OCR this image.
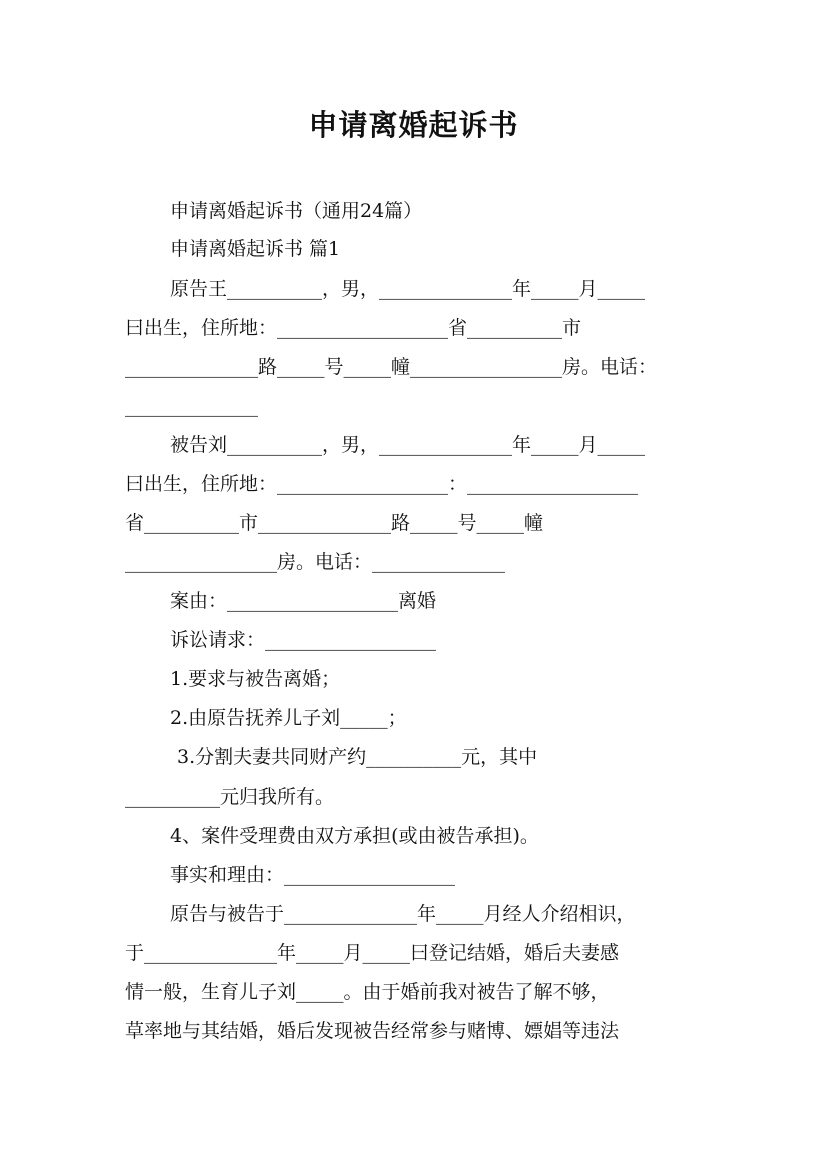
申请离婚起诉书
申请离婚起诉书（通用24篇）
申请离婚起诉书 篇1
原告王__________，男，______________年_____月_____
曰出生，住所地：__________________省__________市
______________路_____号_____幢________________房。电话：
______________
被告刘__________，男，______________年_____月_____
曰出生，住所地：__________________：__________________
省__________市______________路_____号_____幢
________________房。电话：______________
案由：__________________离婚
诉讼请求：__________________
1.要求与被告离婚；
2.由原告抚养儿子刘_____；
3.分割夫妻共同财产约__________元，其中
__________元归我所有。
4、案件受理费由双方承担(或由被告承担)。
事实和理由：__________________
原告与被告于______________年_____月经人介绍相识，
于______________年_____月_____曰登记结婚，婚后夫妻感
情一般，生育儿子刘_____。由于婚前我对被告了解不够，
草率地与其结婚，婚后发现被告经常参与赌博、嫖娼等违法
